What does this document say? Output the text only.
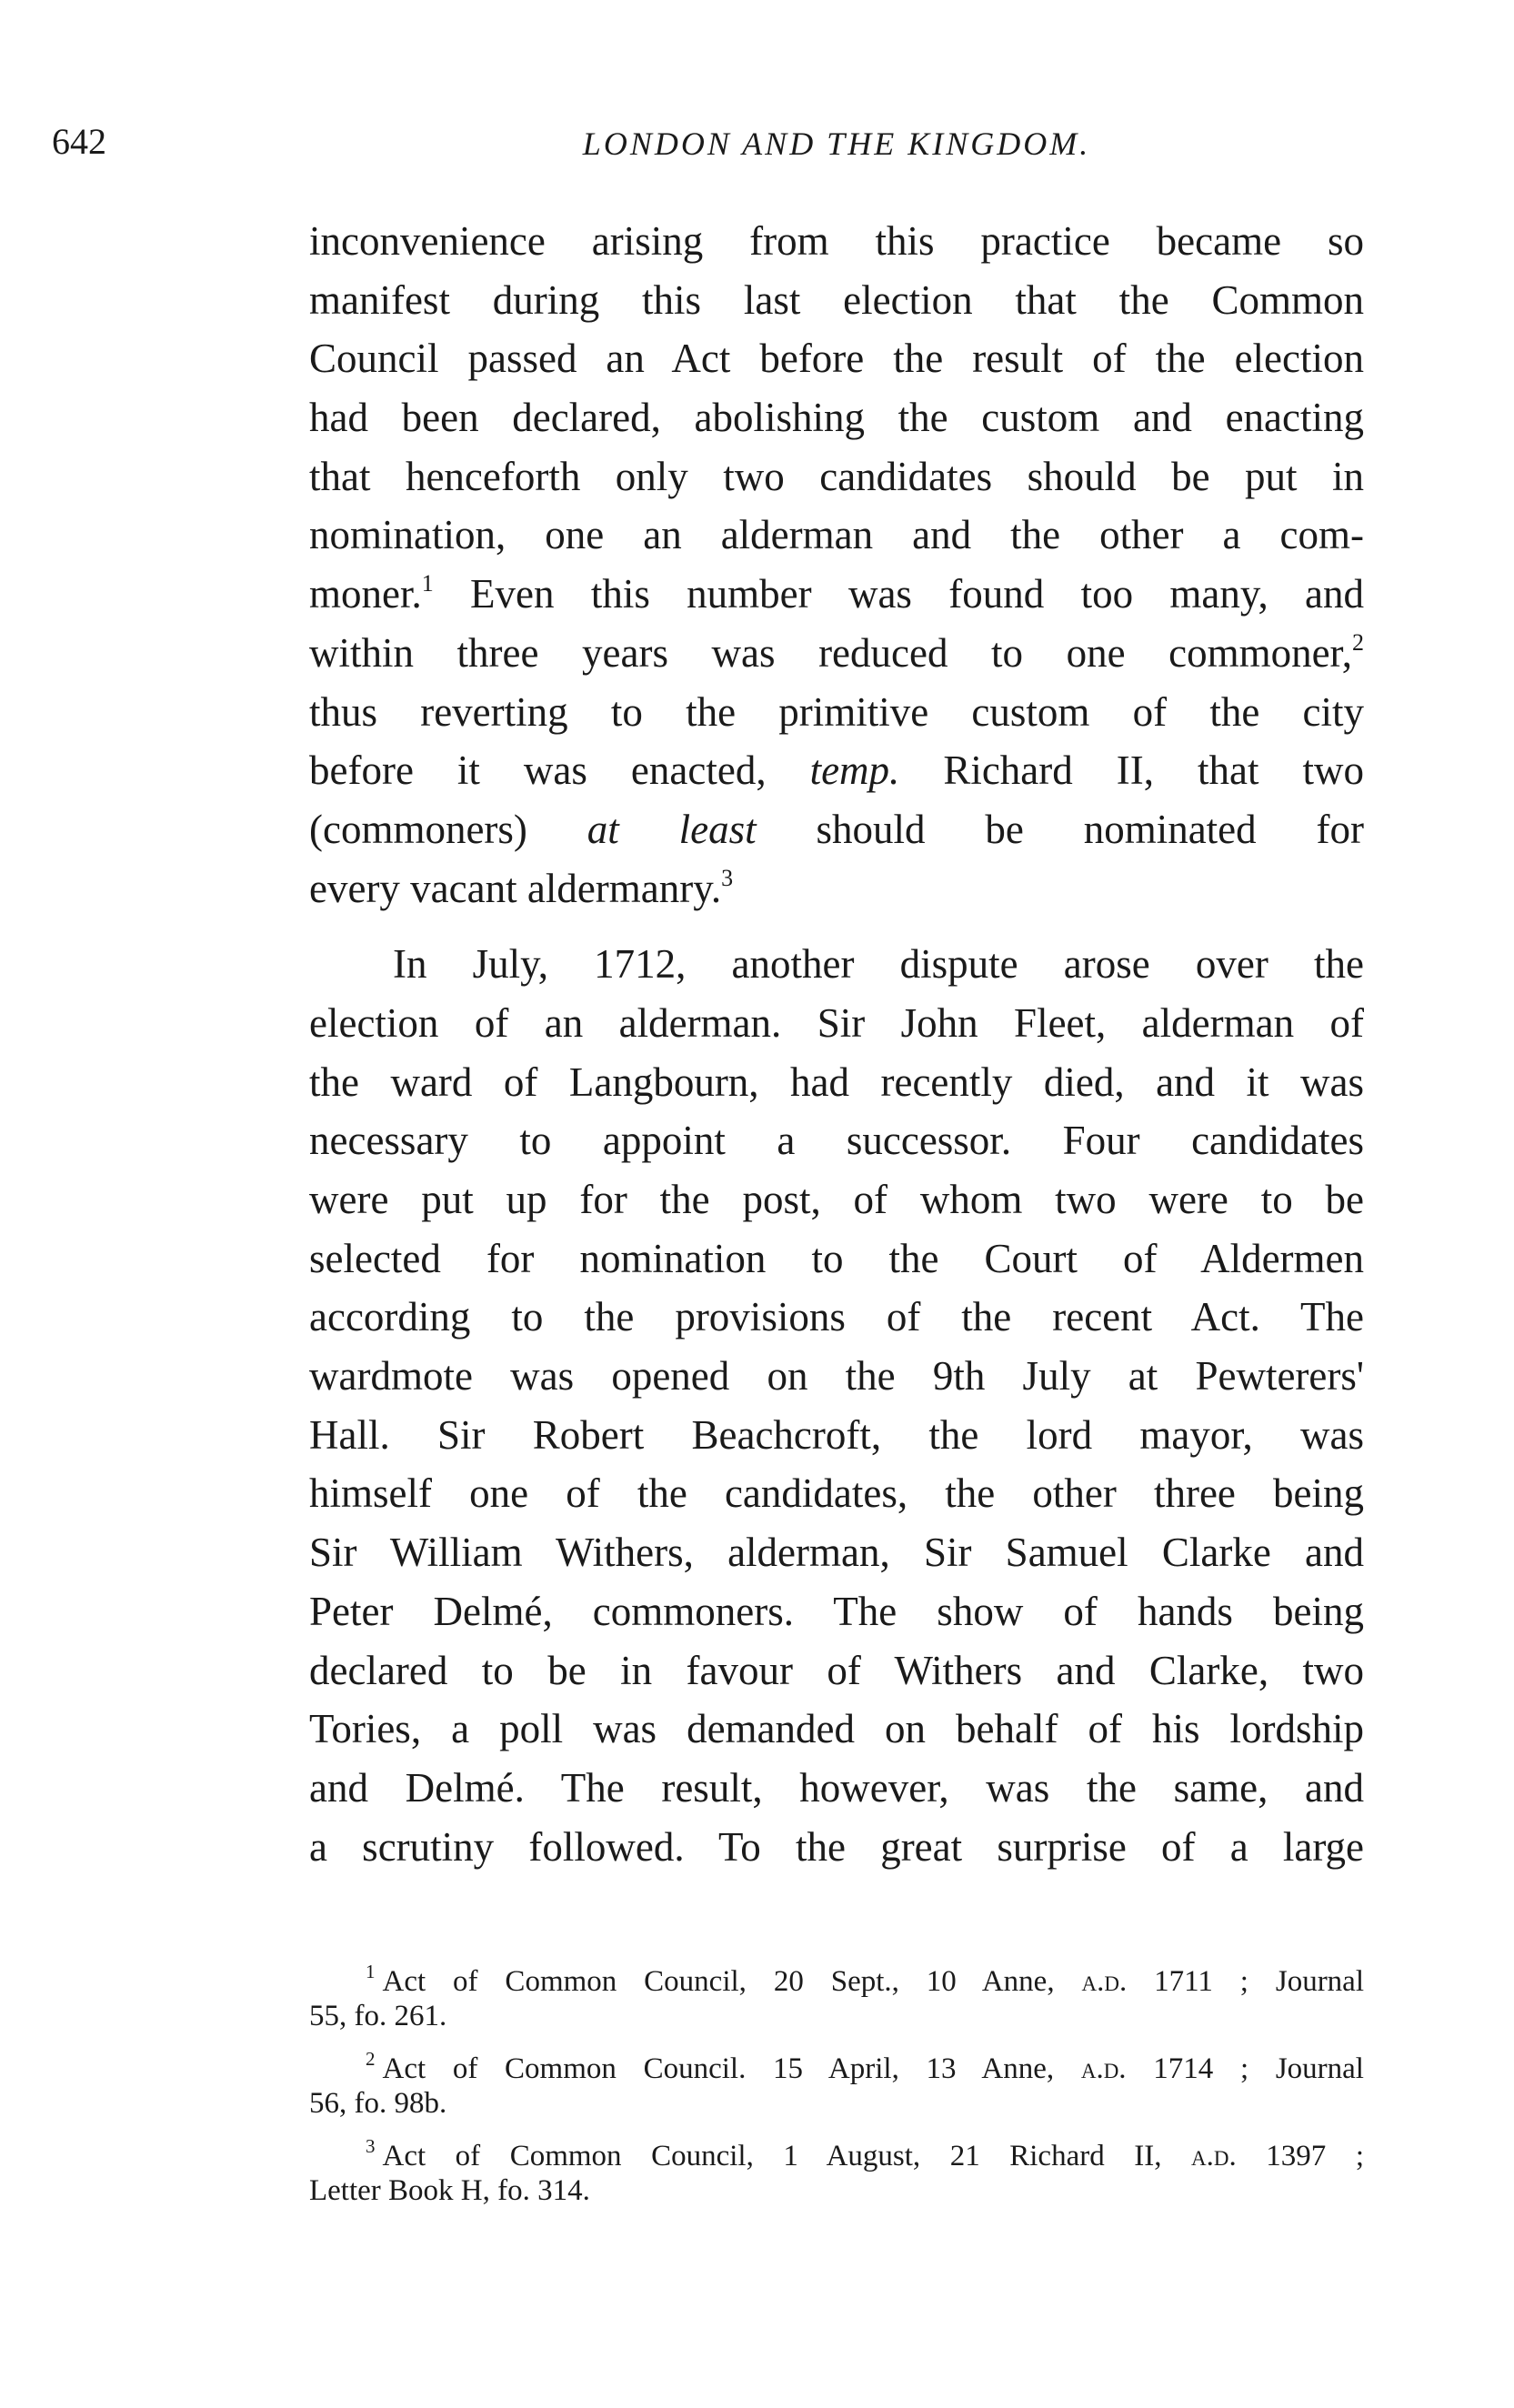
642	LONDON AND THE KINGDOM.
inconvenience arising from this practice became so
manifest during this last election that the Common
Council passed an Act before the result of the election
had been declared, abolishing the custom and enacting
that henceforth only two candidates should be put in
nomination, one an alderman and the other a com-
moner.$^1$ Even this number was found too many, and
within three years was reduced to one commoner,$^2$
thus reverting to the primitive custom of the city
before it was enacted, temp. Richard II, that two
(commoners) at least should be nominated for
every vacant aldermanry.$^3$
In July, 1712, another dispute arose over the
election of an alderman. Sir John Fleet, alderman of
the ward of Langbourn, had recently died, and it was
necessary to appoint a successor. Four candidates
were put up for the post, of whom two were to be
selected for nomination to the Court of Aldermen
according to the provisions of the recent Act. The
wardmote was opened on the 9th July at Pewterers'
Hall. Sir Robert Beachcroft, the lord mayor, was
himself one of the candidates, the other three being
Sir William Withers, alderman, Sir Samuel Clarke and
Peter Delmé, commoners. The show of hands being
declared to be in favour of Withers and Clarke, two
Tories, a poll was demanded on behalf of his lordship
and Delmé. The result, however, was the same, and
a scrutiny followed. To the great surprise of a large
$^1$ Act of Common Council, 20 Sept., 10 Anne, a.d. 1711 ; Journal
55, fo. 261.
$^2$ Act of Common Council. 15 April, 13 Anne, a.d. 1714 ; Journal
56, fo. 98b.
$^3$ Act of Common Council, 1 August, 21 Richard II, a.d. 1397 ;
Letter Book H, fo. 314.
